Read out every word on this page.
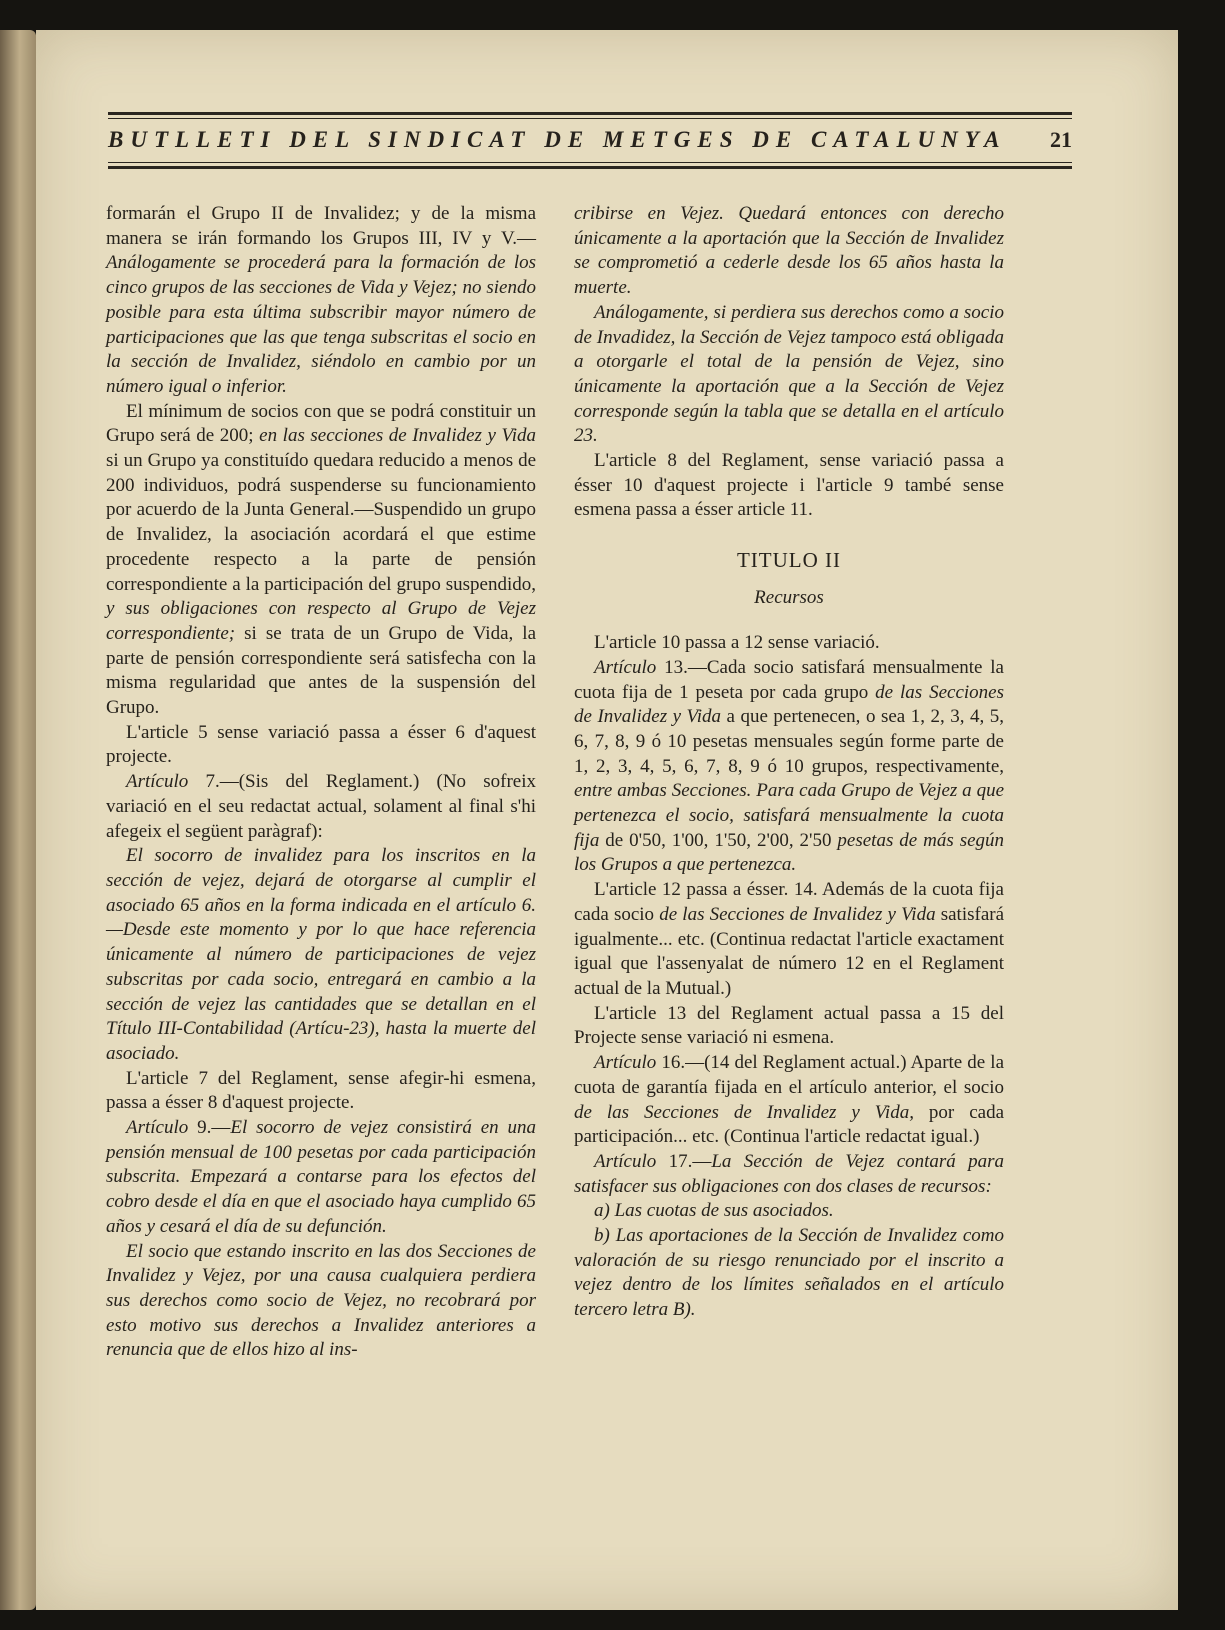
BUTLLETI DEL SINDICAT DE METGES DE CATALUNYA 21

formarán el Grupo II de Invalidez; y de la misma manera se irán formando los Grupos III, IV y V.—Análogamente se procederá para la formación de los cinco grupos de las secciones de Vida y Vejez; no siendo posible para esta última subscribir mayor número de participaciones que las que tenga subscritas el socio en la sección de Invalidez, siéndolo en cambio por un número igual o inferior.

El mínimum de socios con que se podrá constituir un Grupo será de 200; en las secciones de Invalidez y Vida si un Grupo ya constituído quedara reducido a menos de 200 individuos, podrá suspenderse su funcionamiento por acuerdo de la Junta General.—Suspendido un grupo de Invalidez, la asociación acordará el que estime procedente respecto a la parte de pensión correspondiente a la participación del grupo suspendido, y sus obligaciones con respecto al Grupo de Vejez correspondiente; si se trata de un Grupo de Vida, la parte de pensión correspondiente será satisfecha con la misma regularidad que antes de la suspensión del Grupo.

L'article 5 sense variació passa a ésser 6 d'aquest projecte.

Artículo 7.—(Sis del Reglament.) (No sofreix variació en el seu redactat actual, solament al final s'hi afegeix el següent paràgraf):

El socorro de invalidez para los inscritos en la sección de vejez, dejará de otorgarse al cumplir el asociado 65 años en la forma indicada en el artículo 6.—Desde este momento y por lo que hace referencia únicamente al número de participaciones de vejez subscritas por cada socio, entregará en cambio a la sección de vejez las cantidades que se detallan en el Título III-Contabilidad (Artícu-23), hasta la muerte del asociado.

L'article 7 del Reglament, sense afegir-hi esmena, passa a ésser 8 d'aquest projecte.

Artículo 9.—El socorro de vejez consistirá en una pensión mensual de 100 pesetas por cada participación subscrita. Empezará a contarse para los efectos del cobro desde el día en que el asociado haya cumplido 65 años y cesará el día de su defunción.

El socio que estando inscrito en las dos Secciones de Invalidez y Vejez, por una causa cualquiera perdiera sus derechos como socio de Vejez, no recobrará por esto motivo sus derechos a Invalidez anteriores a renuncia que de ellos hizo al ins-

cribirse en Vejez. Quedará entonces con derecho únicamente a la aportación que la Sección de Invalidez se comprometió a cederle desde los 65 años hasta la muerte.

Análogamente, si perdiera sus derechos como a socio de Invadidez, la Sección de Vejez tampoco está obligada a otorgarle el total de la pensión de Vejez, sino únicamente la aportación que a la Sección de Vejez corresponde según la tabla que se detalla en el artículo 23.

L'article 8 del Reglament, sense variació passa a ésser 10 d'aquest projecte i l'article 9 també sense esmena passa a ésser article 11.

TITULO II
Recursos

L'article 10 passa a 12 sense variació.

Artículo 13.—Cada socio satisfará mensualmente la cuota fija de 1 peseta por cada grupo de las Secciones de Invalidez y Vida a que pertenecen, o sea 1, 2, 3, 4, 5, 6, 7, 8, 9 ó 10 pesetas mensuales según forme parte de 1, 2, 3, 4, 5, 6, 7, 8, 9 ó 10 grupos, respectivamente, entre ambas Secciones. Para cada Grupo de Vejez a que pertenezca el socio, satisfará mensualmente la cuota fija de 0'50, 1'00, 1'50, 2'00, 2'50 pesetas de más según los Grupos a que pertenezca.

L'article 12 passa a ésser. 14. Además de la cuota fija cada socio de las Secciones de Invalidez y Vida satisfará igualmente... etc. (Continua redactat l'article exactament igual que l'assenyalat de número 12 en el Reglament actual de la Mutual.)

L'article 13 del Reglament actual passa a 15 del Projecte sense variació ni esmena.

Artículo 16.—(14 del Reglament actual.) Aparte de la cuota de garantía fijada en el artículo anterior, el socio de las Secciones de Invalidez y Vida, por cada participación... etc. (Continua l'article redactat igual.)

Artículo 17.—La Sección de Vejez contará para satisfacer sus obligaciones con dos clases de recursos:

a) Las cuotas de sus asociados.

b) Las aportaciones de la Sección de Invalidez como valoración de su riesgo renunciado por el inscrito a vejez dentro de los límites señalados en el artículo tercero letra B).
